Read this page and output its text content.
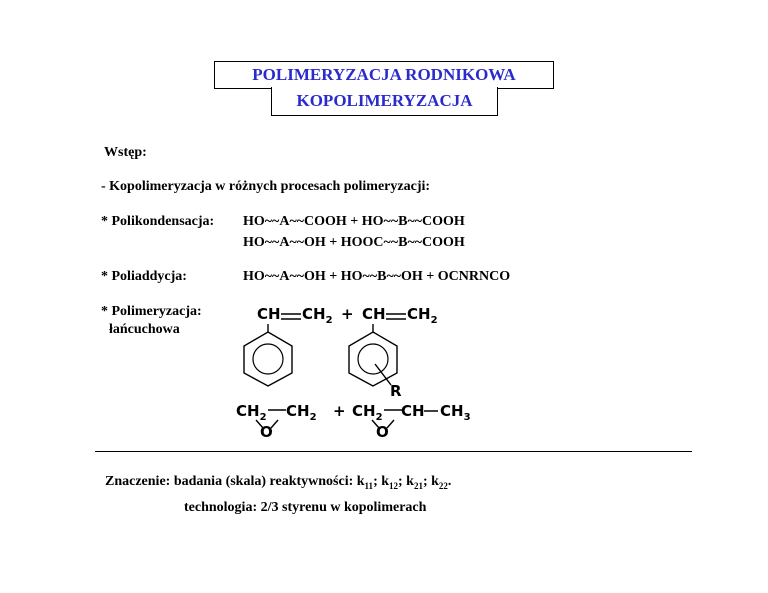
POLIMERYZACJA RODNIKOWA
KOPOLIMERYZACJA
Wstęp:
- Kopolimeryzacja w różnych procesach polimeryzacji:
* Polikondensacja: HO~~A~~COOH + HO~~B~~COOH
HO~~A~~OH + HOOC~~B~~COOH
* Poliaddycja:	HO~~A~~OH + HO~~B~~OH + OCNRNCO
* Polimeryzacja:
łańcuchowa
CH $CH_2$ + CH $CH_2$
R
$CH_2$ $CH_2$
O
+ $CH_2$ CH $CH_3$
O
Znaczenie: badania (skala) reaktywności: $k_{11}$; $k_{12}$; $k_{21}$; $k_{22}$.
technologia: 2/3 styrenu w kopolimerach
